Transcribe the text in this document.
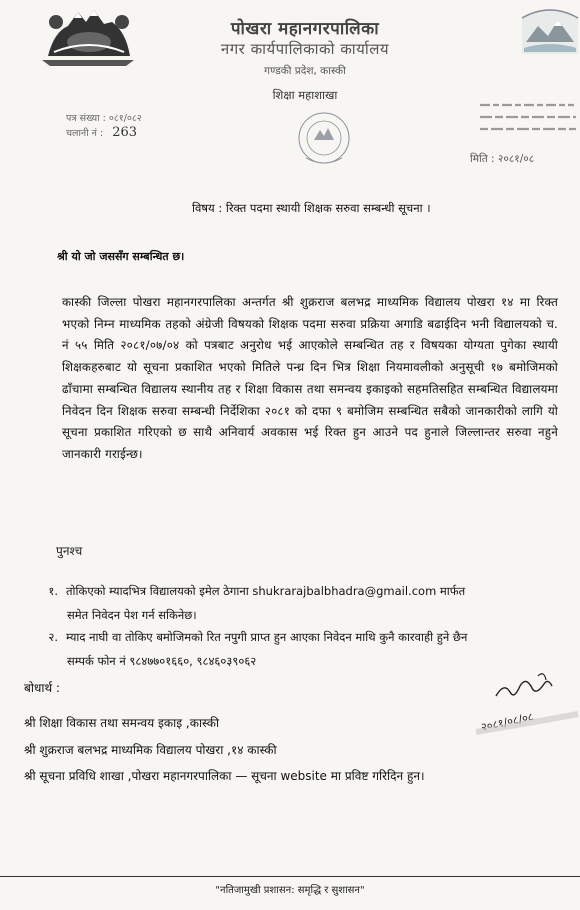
पोखरा महानगरपालिका
नगर कार्यपालिकाको कार्यालय
गण्डकी प्रदेश, कास्की
शिक्षा महाशाखा
पत्र संख्या : ०८१/०८२
चलानी नं : 263
मिति : २०८१/०८
विषय : रिक्त पदमा स्थायी शिक्षक सरुवा सम्बन्धी सूचना ।
श्री यो जो जससँग सम्बन्धित छ।
कास्की जिल्ला पोखरा महानगरपालिका अन्तर्गत श्री शुक्रराज बलभद्र माध्यमिक विद्यालय पोखरा १४ मा रिक्त भएको निम्न माध्यमिक तहको अंग्रेजी विषयको शिक्षक पदमा सरुवा प्रक्रिया अगाडि बढाईदिन भनी विद्यालयको च. नं ५५ मिति २०८१/०७/०४ को पत्रबाट अनुरोध भई आएकोले सम्बन्धित तह र विषयका योग्यता पुगेका स्थायी शिक्षकहरुबाट यो सूचना प्रकाशित भएको मितिले पन्ध्र दिन भित्र शिक्षा नियमावलीको अनुसूची १७ बमोजिमको ढाँचामा सम्बन्धित विद्यालय स्थानीय तह र शिक्षा विकास तथा समन्वय इकाइको सहमतिसहित सम्बन्धित विद्यालयमा निवेदन दिन शिक्षक सरुवा सम्बन्धी निर्देशिका २०८१ को दफा ९ बमोजिम सम्बन्धित सबैको जानकारीको लागि यो सूचना प्रकाशित गरिएको छ साथै अनिवार्य अवकास भई रिक्त हुन आउने पद हुनाले जिल्लान्तर सरुवा नहुने जानकारी गराईन्छ।
पुनश्च
१. तोकिएको म्यादभित्र विद्यालयको इमेल ठेगाना shukrarajbalbhadra@gmail.com मार्फत
समेत निवेदन पेश गर्न सकिनेछ।
२. म्याद नाघी वा तोकिए बमोजिमको रित नपुगी प्राप्त हुन आएका निवेदन माथि कुनै कारवाही हुने छैन
सम्पर्क फोन नं ९८४७७०१६६०, ९८४६०३९०६२
बोधार्थ :
श्री शिक्षा विकास तथा समन्वय इकाइ ,कास्की
श्री शुक्रराज बलभद्र माध्यमिक विद्यालय पोखरा ,१४ कास्की
श्री सूचना प्रविधि शाखा ,पोखरा महानगरपालिका — सूचना website मा प्रविष्ट गरिदिन हुन।
२०८१/०८/०८
"नतिजामुखी प्रशासन: समृद्धि र सुशासन"
